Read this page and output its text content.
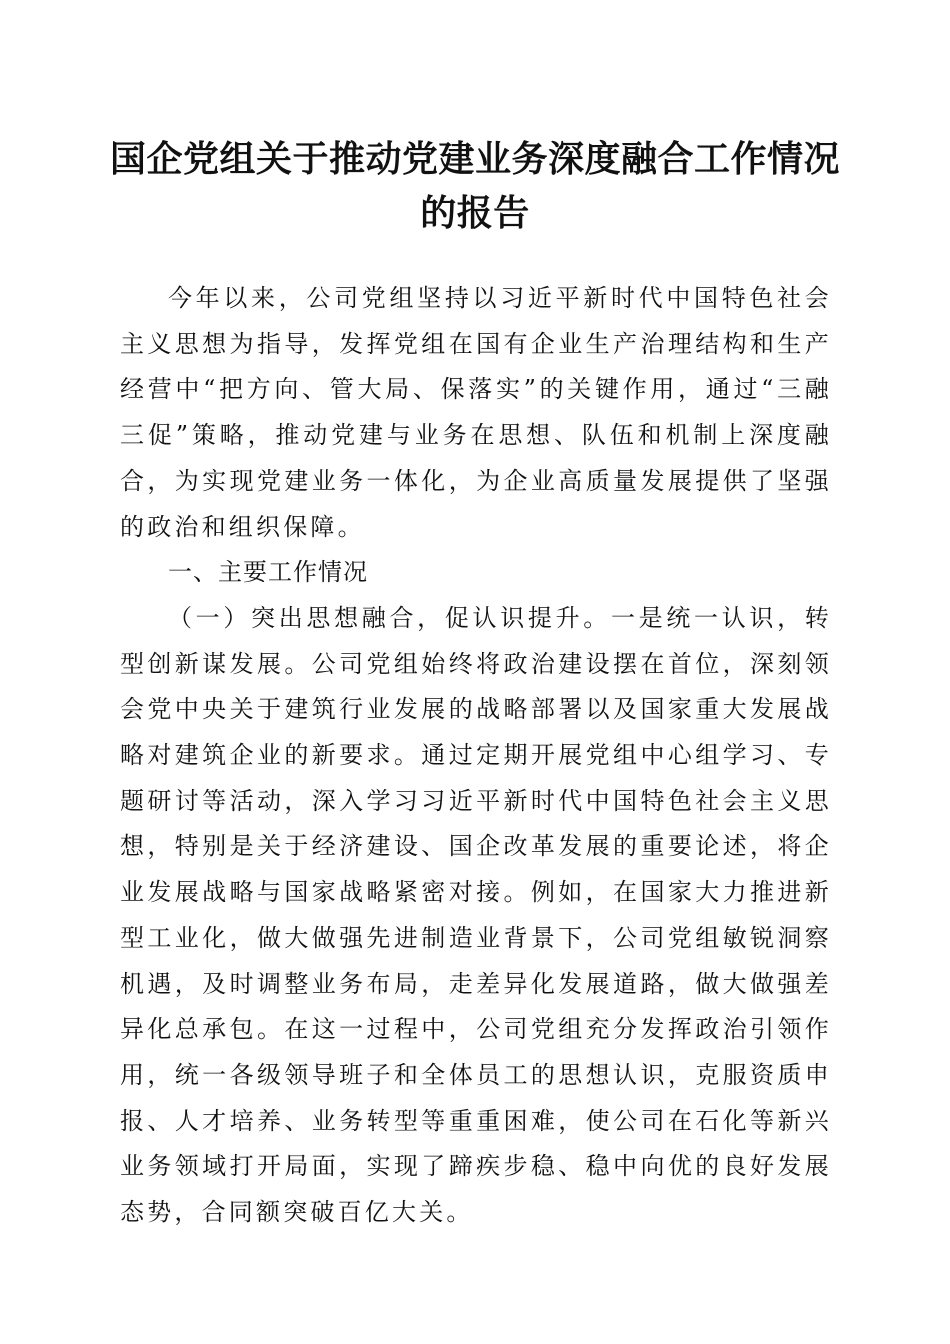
国企党组关于推动党建业务深度融合工作情况
的报告

今年以来，公司党组坚持以习近平新时代中国特色社会主义思想为指导，发挥党组在国有企业生产治理结构和生产经营中“把方向、管大局、保落实”的关键作用，通过“三融三促”策略，推动党建与业务在思想、队伍和机制上深度融合，为实现党建业务一体化，为企业高质量发展提供了坚强的政治和组织保障。

一、主要工作情况

（一）突出思想融合，促认识提升。一是统一认识，转型创新谋发展。公司党组始终将政治建设摆在首位，深刻领会党中央关于建筑行业发展的战略部署以及国家重大发展战略对建筑企业的新要求。通过定期开展党组中心组学习、专题研讨等活动，深入学习习近平新时代中国特色社会主义思想，特别是关于经济建设、国企改革发展的重要论述，将企业发展战略与国家战略紧密对接。例如，在国家大力推进新型工业化，做大做强先进制造业背景下，公司党组敏锐洞察机遇，及时调整业务布局，走差异化发展道路，做大做强差异化总承包。在这一过程中，公司党组充分发挥政治引领作用，统一各级领导班子和全体员工的思想认识，克服资质申报、人才培养、业务转型等重重困难，使公司在石化等新兴业务领域打开局面，实现了蹄疾步稳、稳中向优的良好发展态势，合同额突破百亿大关。
